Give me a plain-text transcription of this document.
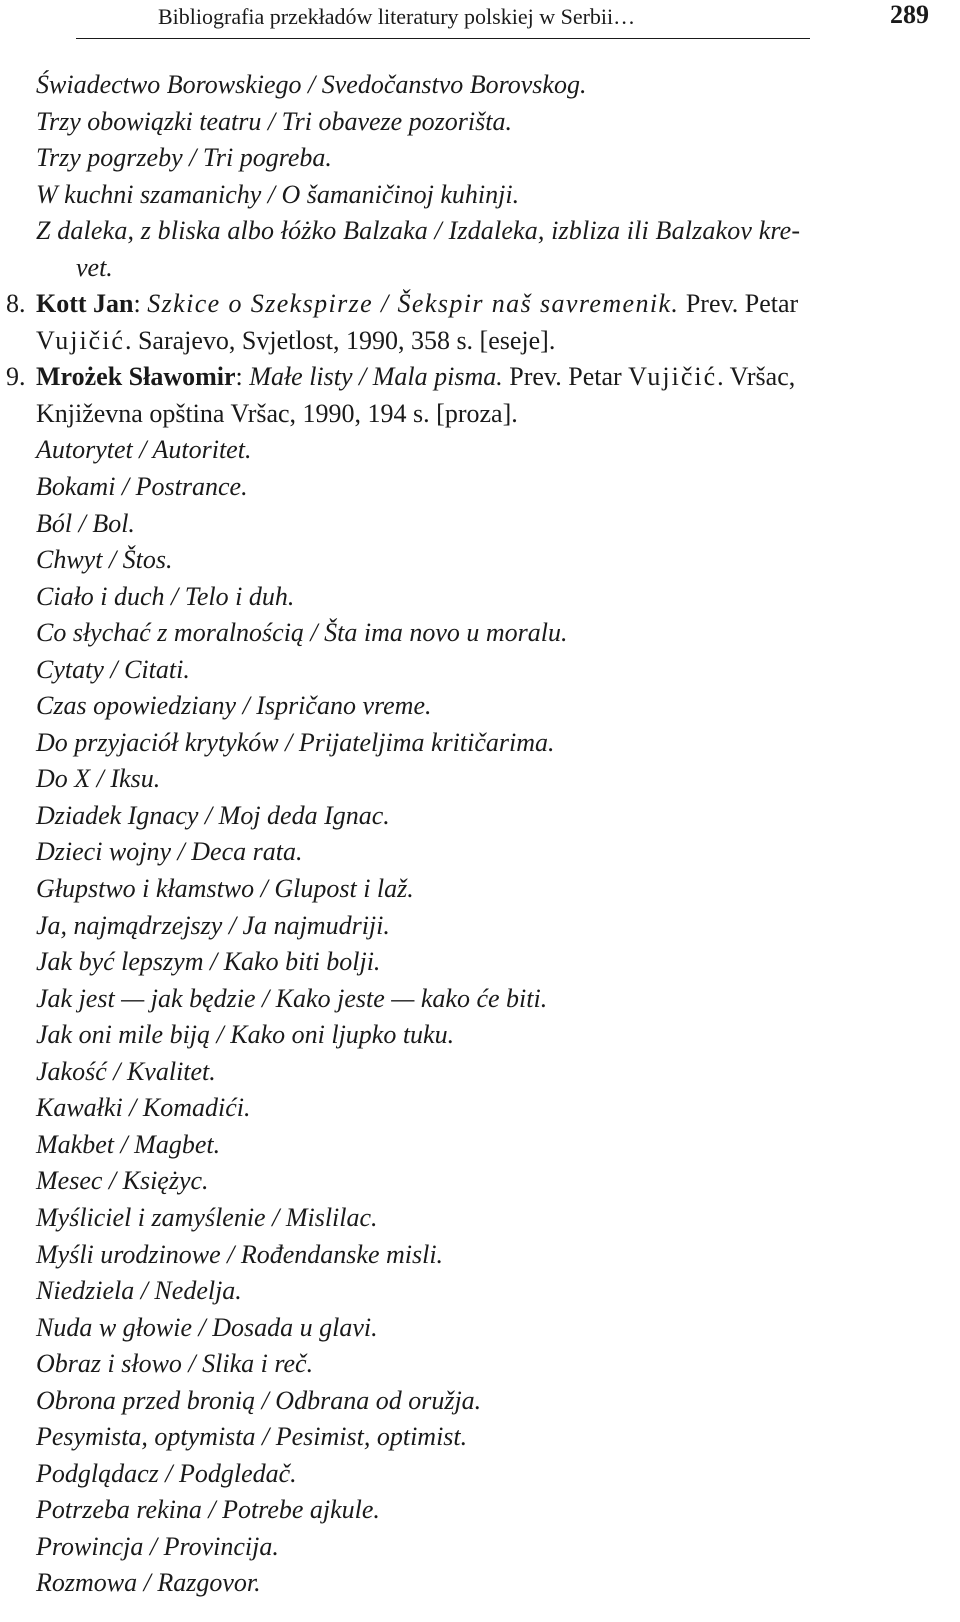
Bibliografia przekładów literatury polskiej w Serbii…	289
Świadectwo Borowskiego / Svedočanstvo Borovskog.
Trzy obowiązki teatru / Tri obaveze pozorišta.
Trzy pogrzeby / Tri pogreba.
W kuchni szamanichy / O šamaničinoj kuhinji.
Z daleka, z bliska albo łóżko Balzaka / Izdaleka, izbliza ili Balzakov kre-
vet.
8. Kott Jan: Szkice o Szekspirze / Šekspir naš savremenik. Prev. Petar
Vujičić. Sarajevo, Svjetlost, 1990, 358 s. [eseje].
9. Mrożek Sławomir: Małe listy / Mala pisma. Prev. Petar Vujičić. Vršac,
Književna opština Vršac, 1990, 194 s. [proza].
Autorytet / Autoritet.
Bokami / Postrance.
Ból / Bol.
Chwyt / Štos.
Ciało i duch / Telo i duh.
Co słychać z moralnością / Šta ima novo u moralu.
Cytaty / Citati.
Czas opowiedziany / Ispričano vreme.
Do przyjaciół krytyków / Prijateljima kritičarima.
Do X / Iksu.
Dziadek Ignacy / Moj deda Ignac.
Dzieci wojny / Deca rata.
Głupstwo i kłamstwo / Glupost i laž.
Ja, najmądrzejszy / Ja najmudriji.
Jak być lepszym / Kako biti bolji.
Jak jest — jak będzie / Kako jeste — kako će biti.
Jak oni mile biją / Kako oni ljupko tuku.
Jakość / Kvalitet.
Kawałki / Komadići.
Makbet / Magbet.
Mesec / Księżyc.
Myśliciel i zamyślenie / Mislilac.
Myśli urodzinowe / Rođendanske misli.
Niedziela / Nedelja.
Nuda w głowie / Dosada u glavi.
Obraz i słowo / Slika i reč.
Obrona przed bronią / Odbrana od oružja.
Pesymista, optymista / Pesimist, optimist.
Podglądacz / Podgledač.
Potrzeba rekina / Potrebe ajkule.
Prowincja / Provincija.
Rozmowa / Razgovor.
